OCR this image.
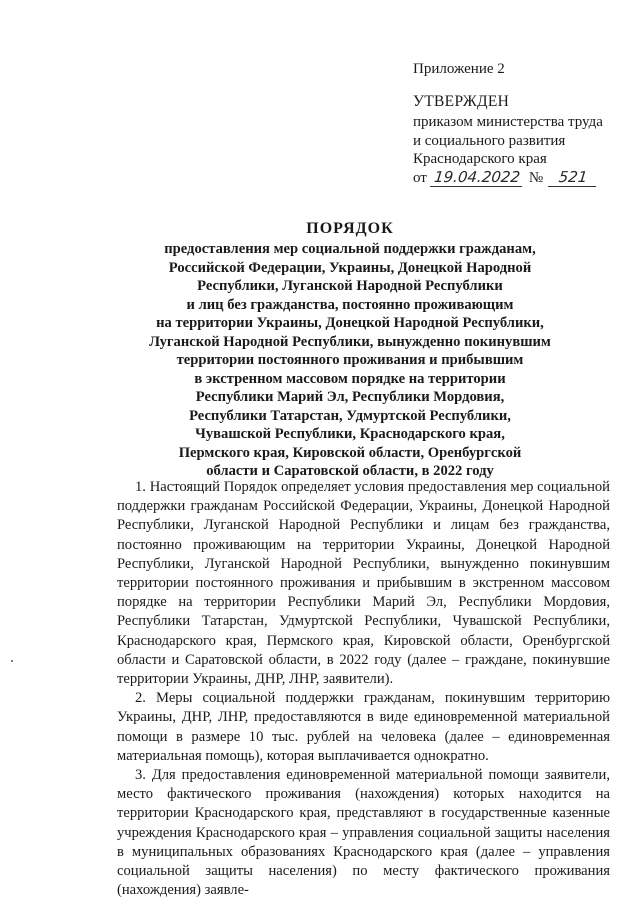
Приложение 2

УТВЕРЖДЕН

приказом министерства труда

и социального развития

Краснодарского края

от 19.04.2022 № 521

ПОРЯДОК

предоставления мер социальной поддержки гражданам,

Российской Федерации, Украины, Донецкой Народной

Республики, Луганской Народной Республики

и лиц без гражданства, постоянно проживающим

на территории Украины, Донецкой Народной Республики,

Луганской Народной Республики, вынужденно покинувшим

территории постоянного проживания и прибывшим

в экстренном массовом порядке на территории

Республики Марий Эл, Республики Мордовия,

Республики Татарстан, Удмуртской Республики,

Чувашской Республики, Краснодарского края,

Пермского края, Кировской области, Оренбургской

области и Саратовской области, в 2022 году

1. Настоящий Порядок определяет условия предоставления мер социальной поддержки гражданам Российской Федерации, Украины, Донецкой Народной Республики, Луганской Народной Республики и лицам без гражданства, постоянно проживающим на территории Украины, Донецкой Народной Республики, Луганской Народной Республики, вынужденно покинувшим территории постоянного проживания и прибывшим в экстренном массовом порядке на территории Республики Марий Эл, Республики Мордовия, Республики Татарстан, Удмуртской Республики, Чувашской Республики, Краснодарского края, Пермского края, Кировской области, Оренбургской области и Саратовской области, в 2022 году (далее – граждане, покинувшие территории Украины, ДНР, ЛНР, заявители).

2. Меры социальной поддержки гражданам, покинувшим территорию Украины, ДНР, ЛНР, предоставляются в виде единовременной материальной помощи в размере 10 тыс. рублей на человека (далее – единовременная материальная помощь), которая выплачивается однократно.

3. Для предоставления единовременной материальной помощи заявители, место фактического проживания (нахождения) которых находится на территории Краснодарского края, представляют в государственные казенные учреждения Краснодарского края – управления социальной защиты населения в муниципальных образованиях Краснодарского края (далее – управления социальной защиты населения) по месту фактического проживания (нахождения) заявле-
